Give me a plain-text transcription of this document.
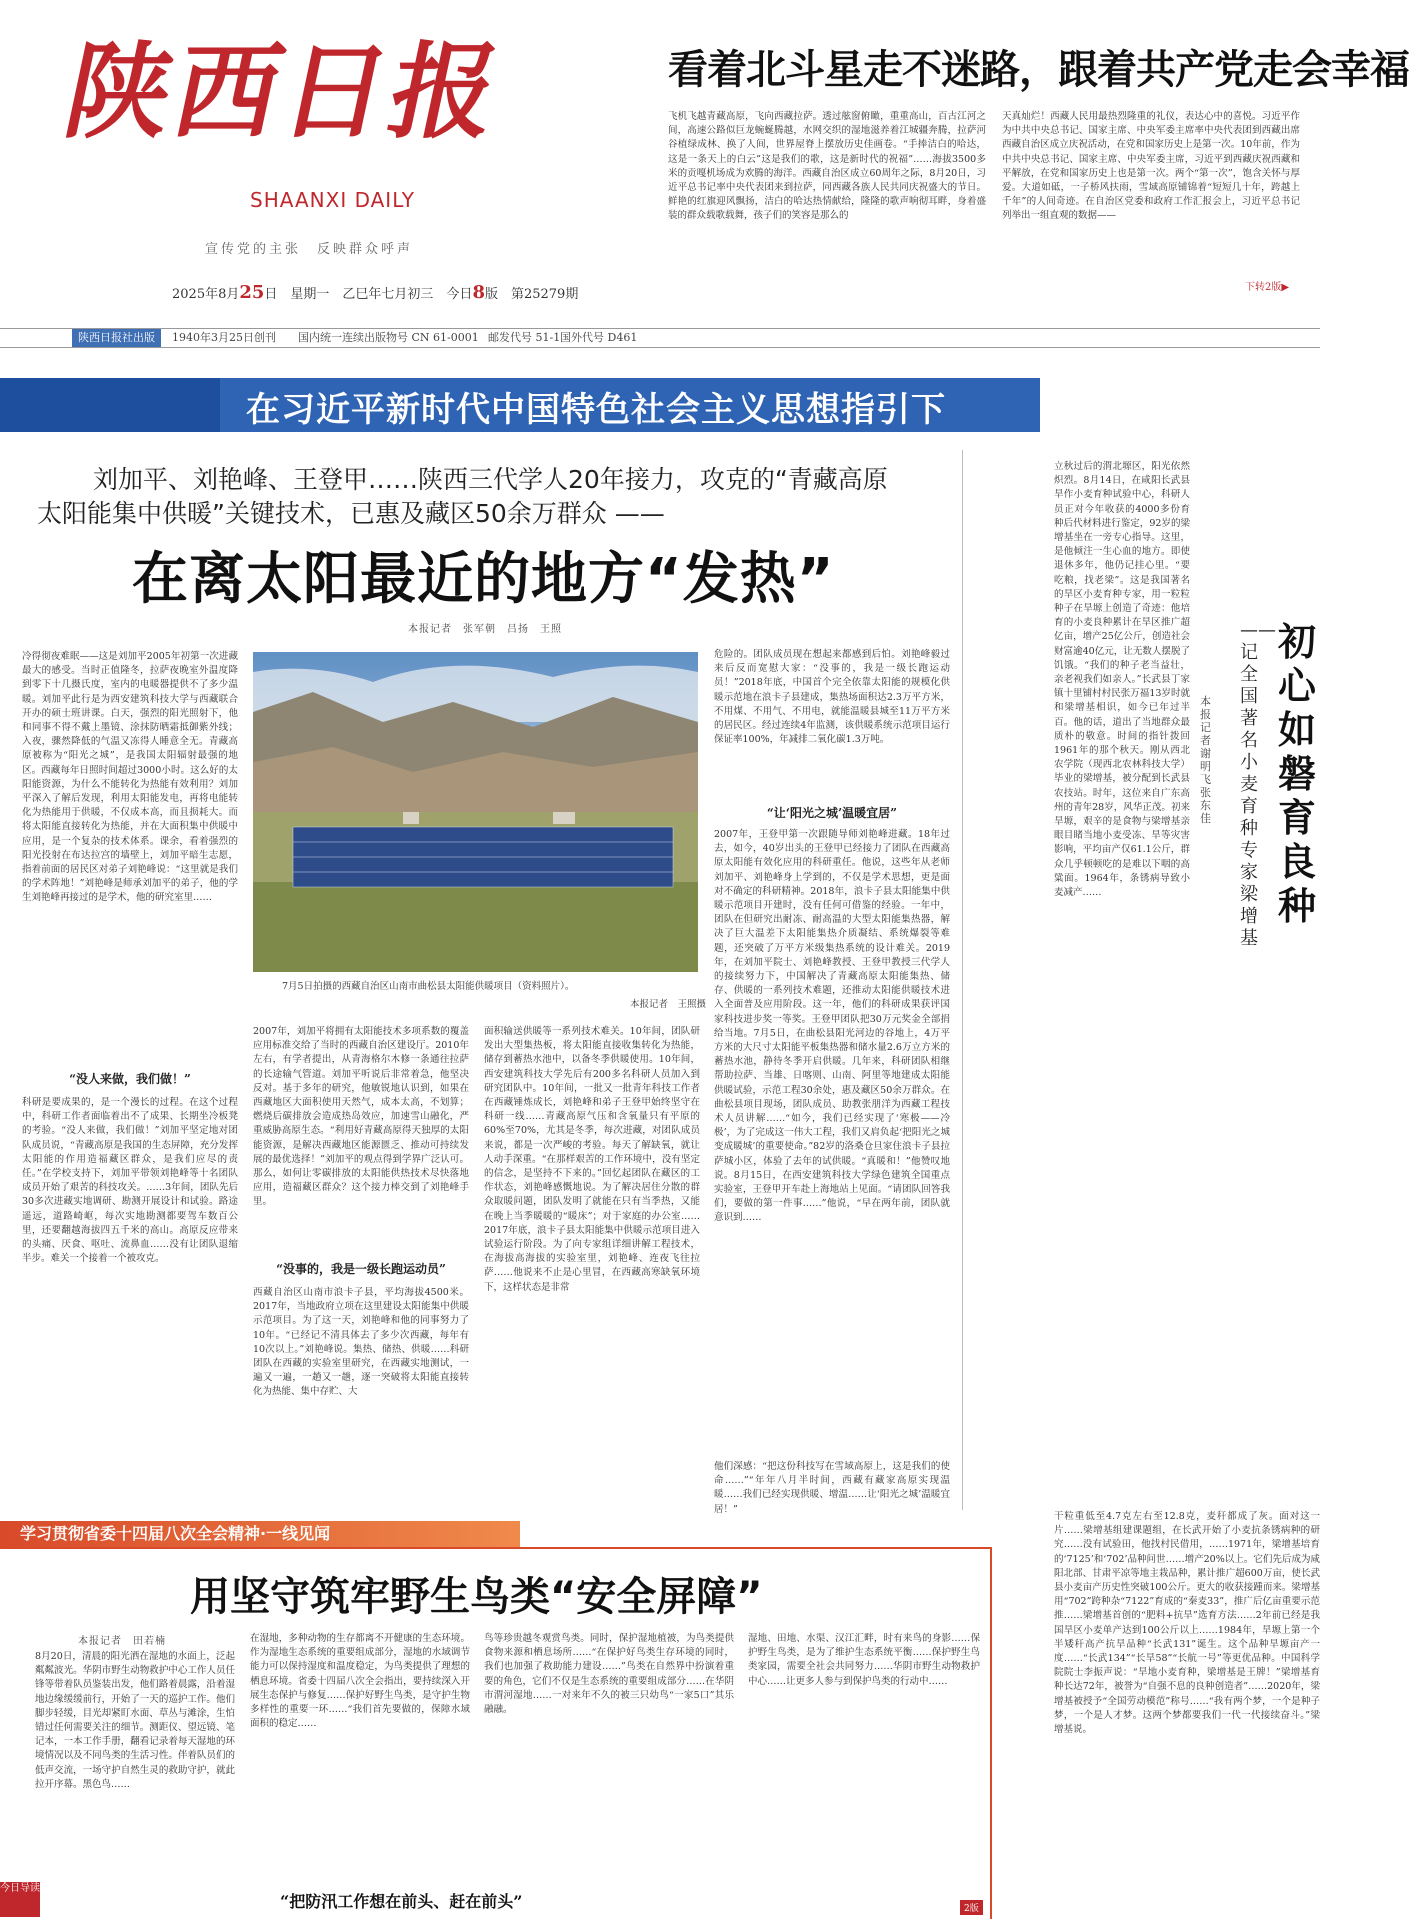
陕西日报
SHAANXI DAILY
宣传党的主张　反映群众呼声
2025年8月25日　星期一　乙巳年七月初三　今日8版　第25279期
看着北斗星走不迷路，跟着共产党走会幸福
飞机飞越青藏高原，飞向西藏拉萨。透过舷窗俯瞰，重重高山，百古江河之间，高速公路似巨龙蜿蜒腾越，水网交织的湿地滋养着江城疆奔腾，拉萨河谷植绿成林、换了人间，世界屋脊上摆放历史佳画卷。“手捧洁白的哈达，这是一条天上的白云”这是我们的歌，这是新时代的祝福”……海拔3500多米的贡嘎机场成为欢腾的海洋。西藏自治区成立60周年之际，8月20日，习近平总书记率中央代表团来到拉萨，同西藏各族人民共同庆祝盛大的节日。鲜艳的红旗迎风飘扬，洁白的哈达热情献给，隆隆的歌声响彻耳畔，身着盛装的群众载歌载舞，孩子们的笑容是那么的
天真灿烂！西藏人民用最热烈隆重的礼仪，表达心中的喜悦。习近平作为中共中央总书记、国家主席、中央军委主席率中央代表团到西藏出席西藏自治区成立庆祝活动，在党和国家历史上是第一次。10年前，作为中共中央总书记、国家主席、中央军委主席，习近平到西藏庆祝西藏和平解放，在党和国家历史上也是第一次。两个“第一次”，饱含关怀与厚爱。大道如砥，一子桥风扶雨，雪域高原铺锦着“短短几十年，跨越上千年”的人间奇迹。在自治区党委和政府工作汇报会上，习近平总书记列举出一组直观的数据——
下转2版▶
陕西日报社出版	1940年3月25日创刊 国内统一连续出版物号 CN 61-0001 邮发代号 51-1 国外代号 D461
在习近平新时代中国特色社会主义思想指引下
刘加平、刘艳峰、王登甲……陕西三代学人20年接力，攻克的“青藏高原
太阳能集中供暖”关键技术，已惠及藏区50余万群众 ——
在离太阳最近的地方“发热”
本报记者　张军朝　吕扬　王照
冷得彻夜难眠——这是刘加平2005年初第一次进藏最大的感受。当时正值隆冬，拉萨夜晚室外温度降到零下十几摄氏度，室内的电暖器提供不了多少温暖。刘加平此行是为西安建筑科技大学与西藏联合开办的硕士班讲课。白天，强烈的阳光照射下，他和同事不得不戴上墨镜、涂抹防晒霜抵御紫外线；入夜，骤然降低的气温又冻得人睡意全无。青藏高原被称为“阳光之城”，是我国太阳辐射最强的地区。西藏每年日照时间超过3000小时。这么好的太阳能资源，为什么不能转化为热能有效利用？刘加平深入了解后发现，利用太阳能发电，再将电能转化为热能用于供暖，不仅成本高，而且损耗大。而将太阳能直接转化为热能，并在大面积集中供暖中应用，是一个复杂的技术体系。课余，看着强烈的阳光投射在布达拉宫的墙壁上，刘加平暗生志愿，指着前面的居民区对弟子刘艳峰说：“这里就是我们的学术阵地！”刘艳峰是师承刘加平的弟子，他的学生刘艳峰再接过的是学术，他的研究室里……
“没人来做，我们做！”
科研是要成果的，是一个漫长的过程。在这个过程中，科研工作者面临着出不了成果、长期坐冷板凳的考验。“没人来做，我们做！”刘加平坚定地对团队成员说，“青藏高原是我国的生态屏障，充分发挥太阳能的作用造福藏区群众，是我们应尽的责任。”在学校支持下，刘加平带领刘艳峰等十名团队成员开始了艰苦的科技攻关。……3年间，团队先后30多次进藏实地调研、勘测开展设计和试验。路途遥远，道路崎岖，每次实地勘测都要驾车数百公里，还要翻越海拔四五千米的高山。高原反应带来的头痛、厌食、呕吐、流鼻血……没有让团队退缩半步。难关一个接着一个被攻克。
7月5日拍摄的西藏自治区山南市曲松县太阳能供暖项目（资料照片）。
本报记者　王照摄
2007年，刘加平将拥有太阳能技术多项系数的覆盖应用标准交给了当时的西藏自治区建设厅。2010年左右，有学者提出，从青海格尔木修一条通往拉萨的长途输气管道。刘加平听说后非常着急，他坚决反对。基于多年的研究，他敏锐地认识到，如果在西藏地区大面积使用天然气，成本太高，不划算；燃烧后碳排放会造成热岛效应，加速雪山融化，严重威胁高原生态。“利用好青藏高原得天独厚的太阳能资源，是解决西藏地区能源匮乏、推动可持续发展的最优选择！”刘加平的观点得到学界广泛认可。那么，如何让零碳排放的太阳能供热技术尽快落地应用，造福藏区群众？这个接力棒交到了刘艳峰手里。
“没事的，我是一级长跑运动员”
西藏自治区山南市浪卡子县，平均海拔4500米。2017年，当地政府立项在这里建设太阳能集中供暖示范项目。为了这一天，刘艳峰和他的同事努力了10年。“已经记不清具体去了多少次西藏，每年有10次以上。”刘艳峰说。集热、储热、供暖……科研团队在西藏的实验室里研究，在西藏实地测试，一遍又一遍，一趟又一趟，逐一突破将太阳能直接转化为热能、集中存贮、大
面积输送供暖等一系列技术难关。10年间，团队研发出大型集热板，将太阳能直接收集转化为热能，储存到蓄热水池中，以备冬季供暖使用。10年间，西安建筑科技大学先后有200多名科研人员加入到研究团队中。10年间，一批又一批青年科技工作者在西藏锤炼成长，刘艳峰和弟子王登甲始终坚守在科研一线……青藏高原气压和含氧量只有平原的60%至70%，尤其是冬季，每次进藏，对团队成员来说，都是一次严峻的考验。每天了解缺氧，就让人动手深重。“在那样艰苦的工作环境中，没有坚定的信念，是坚持不下来的。”回忆起团队在藏区的工作状态，刘艳峰感慨地说。为了解决居住分散的群众取暖问题，团队发明了就能在只有当季热，又能在晚上当季暖暖的“暖床”；对于家庭的办公室……2017年底，浪卡子县太阳能集中供暖示范项目进入试验运行阶段。为了向专家组详细讲解工程技术，在海拔高海拔的实验室里，刘艳峰、连夜飞往拉萨……他说来不止是心里冒，在西藏高寒缺氧环境下，这样状态是非常
危险的。团队成员现在想起来都感到后怕。刘艳峰毅过来后反而宽慰大家：“没事的，我是一级长跑运动员！”2018年底，中国首个完全依靠太阳能的规模化供暖示范地在浪卡子县建成，集热场面积达2.3万平方米，不用煤、不用气、不用电，就能温暖县城至11万平方米的居民区。经过连续4年监测，该供暖系统示范项目运行保证率100%，年减排二氧化碳1.3万吨。
“让‘阳光之城’温暖宜居”
2007年，王登甲第一次跟随导师刘艳峰进藏。18年过去，如今，40岁出头的王登甲已经接力了团队在西藏高原太阳能有效化应用的科研重任。他说，这些年从老师刘加平、刘艳峰身上学到的，不仅是学术思想，更是面对不确定的科研精神。2018年，浪卡子县太阳能集中供暖示范项目开建时，没有任何可借鉴的经验。一年中，团队在但研究出耐冻、耐高温的大型太阳能集热器，解决了巨大温差下太阳能集热介质凝结、系统爆裂等难题，还突破了万平方米级集热系统的设计难关。2019年，在刘加平院士、刘艳峰教授、王登甲教授三代学人的接续努力下，中国解决了青藏高原太阳能集热、储存、供暖的一系列技术难题，还推动太阳能供暖技术进入全面普及应用阶段。这一年，他们的科研成果获评国家科技进步奖一等奖。王登甲团队把30万元奖金全部捐给当地。7月5日，在曲松县阳光河边的谷地上，4万平方米的大尺寸太阳能平板集热器和储水量2.6万立方米的蓄热水池，静待冬季开启供暖。几年来，科研团队相继帮助拉萨、当雄、日喀则、山南、阿里等地建成太阳能供暖试验，示范工程30余处，惠及藏区50余万群众。在曲松县项目现场，团队成员、助教张朋洋为西藏工程技术人员讲解……“如今，我们已经实现了‘寒极——冷极’，为了完成这一伟大工程，我们又肩负起‘把阳光之城变成暖城’的重要使命。”82岁的洛桑仓旦家住浪卡子县拉萨城小区，体验了去年的试供暖。“真暖和！”他赞叹地说。8月15日，在西安建筑科技大学绿色建筑全国重点实验室，王登甲开车赴上海地站上见面。“请团队回答我们，要做的第一件事……”他说，“早在两年前，团队就意识到……
他们深感：“把这份科技写在雪域高原上，这是我们的使命……”“年年八月半时间，西藏有藏家高原实现温暖……我们已经实现供暖、增温……让‘阳光之城’温暖宜居！”
初心如磐育良种
——记全国著名小麦育种专家梁增基
本报记者　谢明飞　张东佳
立秋过后的渭北塬区，阳光依然炽烈。8月14日，在咸阳长武县旱作小麦育种试验中心，科研人员正对今年收获的4000多份育种后代材料进行鉴定，92岁的梁增基坐在一旁专心指导。这里，是他倾注一生心血的地方。即使退休多年，他仍记挂心里。“要吃粮，找老梁”。这是我国著名的旱区小麦育种专家，用一粒粒种子在旱塬上创造了奇迹：他培育的小麦良种累计在旱区推广超亿亩，增产25亿公斤，创造社会财富逾40亿元，让无数人摆脱了饥饿。“我们的种子老当益壮，亲老视我们如亲人。”长武县丁家镇十里铺村村民张万福13岁时就和梁增基相识，如今已年过半百。他的话，道出了当地群众最质朴的敬意。时间的指针拨回1961年的那个秋天。刚从西北农学院（现西北农林科技大学）毕业的梁增基，被分配到长武县农技站。时年，这位来自广东高州的青年28岁，风华正茂。初来旱塬，艰辛的是食物与梁增基亲眼目睹当地小麦受冻、旱等灾害影响，平均亩产仅61.1公斤，群众几乎顿顿吃的是难以下咽的高粱面。1964年，条锈病导致小麦减产……
干粒重低至4.7克左右至12.8克，麦秆都成了灰。面对这一片……梁增基组建课题组，在长武开始了小麦抗条锈病种的研究……没有试验田，他找村民借用，……1971年，梁增基培育的‘7125’和‘702’品种问世……增产20%以上。它们先后成为咸阳北部、甘肃平凉等地主栽品种，累计推广超600万亩，使长武县小麦亩产历史性突破100公斤。更大的收获接踵而来。梁增基用“702”跨种杂“7122”育成的“秦麦33”，推广后亿亩重要示范推……梁增基首创的“肥料+抗旱”选育方法……2年前已经是我国旱区小麦单产达到100公斤以上……1984年，旱塬上第一个半矮秆高产抗旱品种“长武131”诞生。这个品种旱塬亩产一度……“长武134”“长旱58”“长航一号”等更优品种。中国科学院院士李振声说：“旱地小麦育种，梁增基是王牌！”梁增基育种长达72年，被誉为“自强不息的良种创造者”……2020年，梁增基被授予“全国劳动模范”称号……“我有两个梦，一个是种子梦，一个是人才梦。这两个梦都要我们一代一代接续奋斗。”梁增基说。
学习贯彻省委十四届八次全会精神·一线见闻
用坚守筑牢野生鸟类“安全屏障”
本报记者　田若楠
8月20日，清晨的阳光洒在湿地的水面上，泛起粼粼波光。华阴市野生动物救护中心工作人员任锋等带着队员鉴装出发，他们路着晨露，沿着湿地边缘缓缓前行，开始了一天的巡护工作。他们脚步轻缓，目光却紧盯水面、草丛与滩涂，生怕错过任何需要关注的细节。测距仪、望远镜、笔记本，一本工作手册，翻看记录着每天湿地的环境情况以及不同鸟类的生活习性。伴着队员们的低声交流，一场守护自然生灵的救助守护，就此拉开序幕。黑色鸟……
在湿地，多种动物的生存都离不开健康的生态环境。作为湿地生态系统的重要组成部分，湿地的水域调节能力可以保持湿度和温度稳定，为鸟类提供了理想的栖息环境。省委十四届八次全会指出，要持续深入开展生态保护与修复……保护好野生鸟类，是守护生物多样性的重要一环……“我们首先要做的，保障水域面积的稳定……
鸟等珍贵越冬观赏鸟类。同时，保护湿地植被，为鸟类提供食物来源和栖息场所……“在保护好鸟类生存环境的同时，我们也加强了救助能力建设……”鸟类在自然界中扮演着重要的角色，它们不仅是生态系统的重要组成部分……在华阴市渭河湿地……一对来年不久的被三只幼鸟“一家5口”其乐融融。
湿地、田地、水渠、汉江汇畔，时有来鸟的身影……保护野生鸟类，是为了维护生态系统平衡……保护野生鸟类家园，需要全社会共同努力……华阴市野生动物救护中心……让更多人参与到保护鸟类的行动中……
今日导读
“把防汛工作想在前头、赶在前头”	2版
